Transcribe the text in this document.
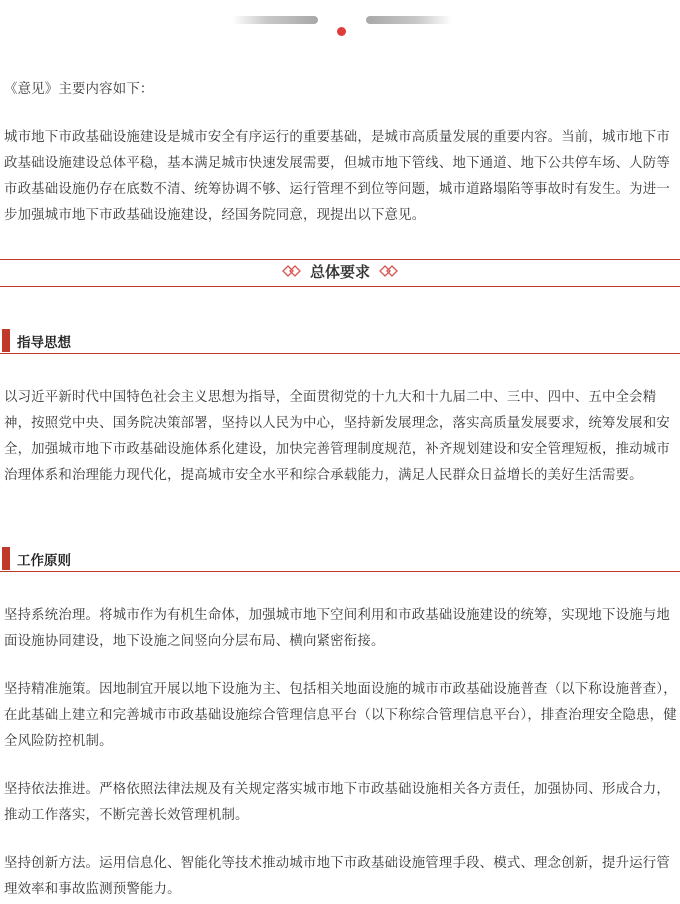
《意见》主要内容如下：

城市地下市政基础设施建设是城市安全有序运行的重要基础，是城市高质量发展的重要内容。当前，城市地下市政基础设施建设总体平稳，基本满足城市快速发展需要，但城市地下管线、地下通道、地下公共停车场、人防等市政基础设施仍存在底数不清、统筹协调不够、运行管理不到位等问题，城市道路塌陷等事故时有发生。为进一步加强城市地下市政基础设施建设，经国务院同意，现提出以下意见。

总体要求
指导思想

以习近平新时代中国特色社会主义思想为指导，全面贯彻党的十九大和十九届二中、三中、四中、五中全会精神，按照党中央、国务院决策部署，坚持以人民为中心，坚持新发展理念，落实高质量发展要求，统筹发展和安全，加强城市地下市政基础设施体系化建设，加快完善管理制度规范，补齐规划建设和安全管理短板，推动城市治理体系和治理能力现代化，提高城市安全水平和综合承载能力，满足人民群众日益增长的美好生活需要。

工作原则

坚持系统治理。将城市作为有机生命体，加强城市地下空间利用和市政基础设施建设的统筹，实现地下设施与地面设施协同建设，地下设施之间竖向分层布局、横向紧密衔接。

坚持精准施策。因地制宜开展以地下设施为主、包括相关地面设施的城市市政基础设施普查（以下称设施普查），在此基础上建立和完善城市市政基础设施综合管理信息平台（以下称综合管理信息平台），排查治理安全隐患，健全风险防控机制。

坚持依法推进。严格依照法律法规及有关规定落实城市地下市政基础设施相关各方责任，加强协同、形成合力，推动工作落实，不断完善长效管理机制。

坚持创新方法。运用信息化、智能化等技术推动城市地下市政基础设施管理手段、模式、理念创新，提升运行管理效率和事故监测预警能力。
